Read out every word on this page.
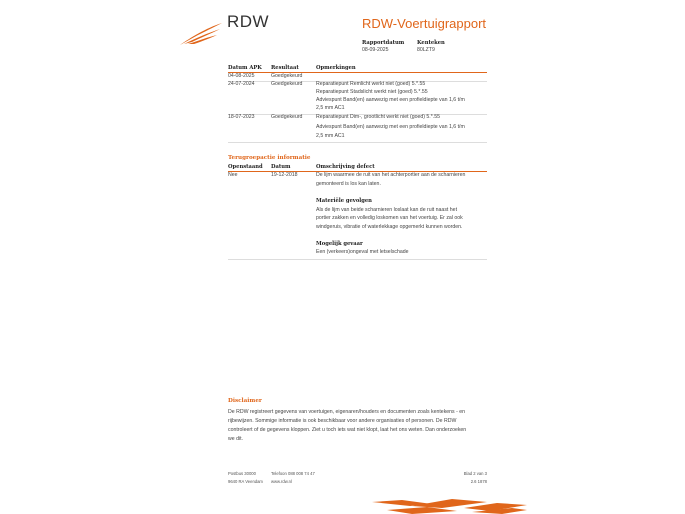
RDW	RDW-Voertuigrapport
Rapportdatum
08-09-2025
Kenteken
80LZT9
Datum APK Resultaat	Opmerkingen
04-08-2025	Goedgekeurd
24-07-2024	Goedgekeurd	Reparatiepunt Remlicht werkt niet (goed) 5.*.55
Reparatiepunt Stadslicht werkt niet (goed) 5.*.55
Adviespunt Band(en) aanwezig met een profieldiepte van 1,6 t/m
2,5 mm AC1
18-07-2023	Goedgekeurd	Reparatiepunt Dim-, grootlicht werkt niet (goed) 5.*.55
Adviespunt Band(en) aanwezig met een profieldiepte van 1,6 t/m
2,5 mm AC1
Terugroepactie informatie
Openstaand Datum	Omschrijving defect
Nee	19-12-2018	De lijm waarmee de ruit van het achterportier aan de scharnieren
gemonteerd is los kan laten.
Materiële gevolgen
Als de lijm van beide scharnieren loslaat kan de ruit naast het
portier zakken en volledig loskomen van het voertuig. Er zal ook
windgeruis, vibratie of waterlekkage opgemerkt kunnen worden.
Mogelijk gevaar
Een (verkeers)ongeval met letselschade
Disclaimer
De RDW registreert gegevens van voertuigen, eigenaren/houders en documenten zoals kentekens - en
rijbewijzen. Sommige informatie is ook beschikbaar voor andere organisaties of personen. De RDW
controleert of de gegevens kloppen. Ziet u toch iets wat niet klopt, laat het ons weten. Dan onderzoeken
we dit.
Postbus 30000
9640 RA Veendam
Telefoon 088 008 74 47
www.rdw.nl
Blad 2 van 3
2.6 1878
